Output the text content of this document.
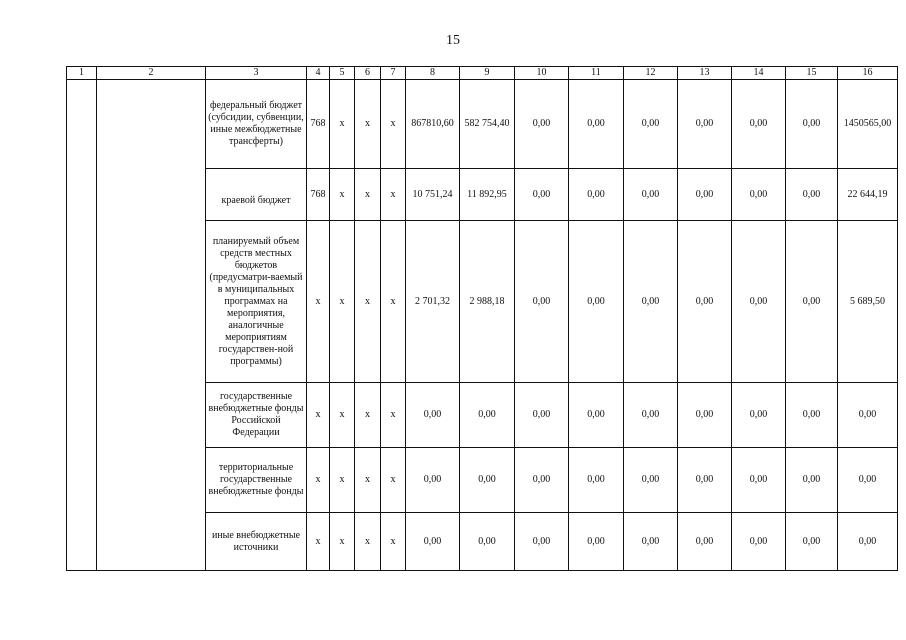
15
1	2	3	4	5	6	7	8	9	10	11	12	13	14	15	16
		федеральный бюджет (субсидии, субвенции, иные межбюджетные трансферты)	768	x	x	x	867810,60	582 754,40	0,00	0,00	0,00	0,00	0,00	0,00	1450565,00
		краевой бюджет	768	x	x	x	10 751,24	11 892,95	0,00	0,00	0,00	0,00	0,00	0,00	22 644,19
		планируемый объем средств местных бюджетов (предусматри-ваемый в муниципальных программах на мероприятия, аналогичные мероприятиям государствен-ной программы)	x	x	x	x	2 701,32	2 988,18	0,00	0,00	0,00	0,00	0,00	0,00	5 689,50
		государственные внебюджетные фонды Российской Федерации	x	x	x	x	0,00	0,00	0,00	0,00	0,00	0,00	0,00	0,00	0,00
		территориальные государственные внебюджетные фонды	x	x	x	x	0,00	0,00	0,00	0,00	0,00	0,00	0,00	0,00	0,00
		иные внебюджетные источники	x	x	x	x	0,00	0,00	0,00	0,00	0,00	0,00	0,00	0,00	0,00
